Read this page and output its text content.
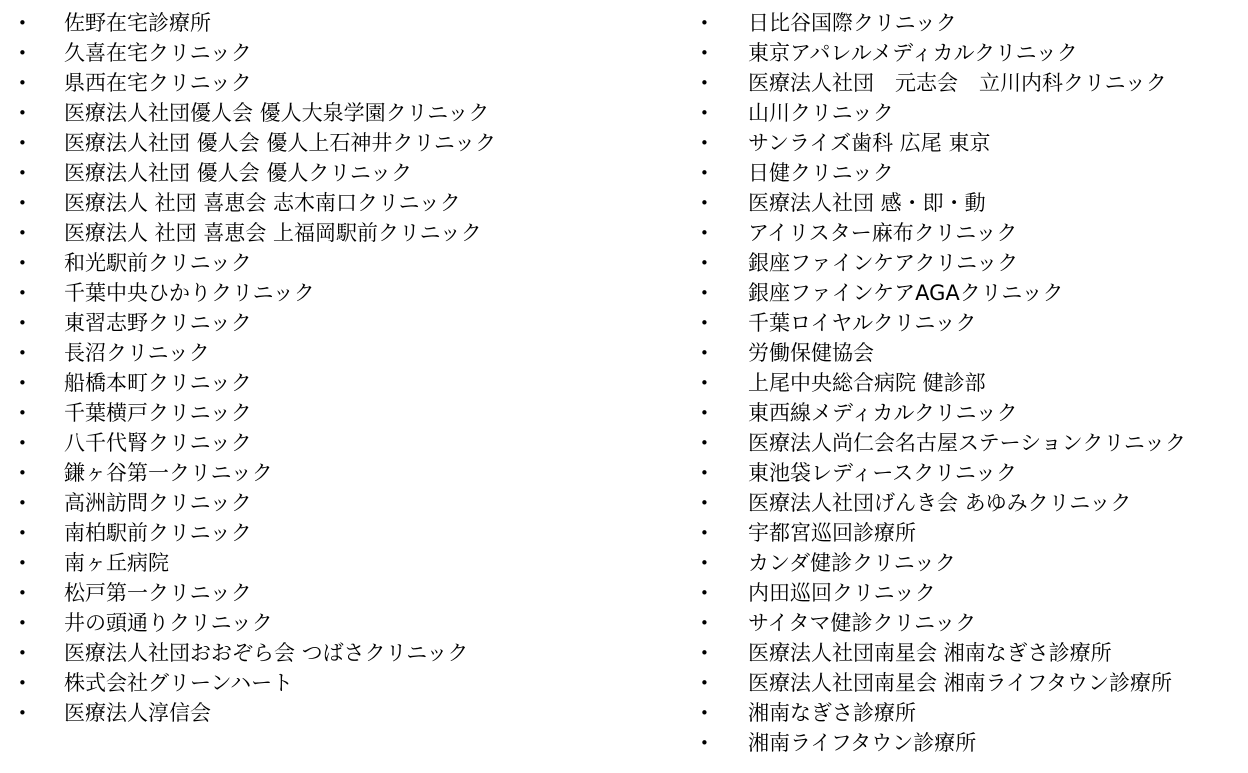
•	佐野在宅診療所
•	久喜在宅クリニック
•	県西在宅クリニック
•	医療法人社団優人会 優人大泉学園クリニック
•	医療法人社団 優人会 優人上石神井クリニック
•	医療法人社団 優人会 優人クリニック
•	医療法人 社団 喜恵会 志木南口クリニック
•	医療法人 社団 喜恵会 上福岡駅前クリニック
•	和光駅前クリニック
•	千葉中央ひかりクリニック
•	東習志野クリニック
•	長沼クリニック
•	船橋本町クリニック
•	千葉横戸クリニック
•	八千代腎クリニック
•	鎌ヶ谷第一クリニック
•	高洲訪問クリニック
•	南柏駅前クリニック
•	南ヶ丘病院
•	松戸第一クリニック
•	井の頭通りクリニック
•	医療法人社団おおぞら会 つばさクリニック
•	株式会社グリーンハート
•	医療法人淳信会
•	日比谷国際クリニック
•	東京アパレルメディカルクリニック
•	医療法人社団　元志会　立川内科クリニック
•	山川クリニック
•	サンライズ歯科 広尾 東京
•	日健クリニック
•	医療法人社団 感・即・動
•	アイリスター麻布クリニック
•	銀座ファインケアクリニック
•	銀座ファインケアAGAクリニック
•	千葉ロイヤルクリニック
•	労働保健協会
•	上尾中央総合病院 健診部
•	東西線メディカルクリニック
•	医療法人尚仁会名古屋ステーションクリニック
•	東池袋レディースクリニック
•	医療法人社団げんき会 あゆみクリニック
•	宇都宮巡回診療所
•	カンダ健診クリニック
•	内田巡回クリニック
•	サイタマ健診クリニック
•	医療法人社団南星会 湘南なぎさ診療所
•	医療法人社団南星会 湘南ライフタウン診療所
•	湘南なぎさ診療所
•	湘南ライフタウン診療所
